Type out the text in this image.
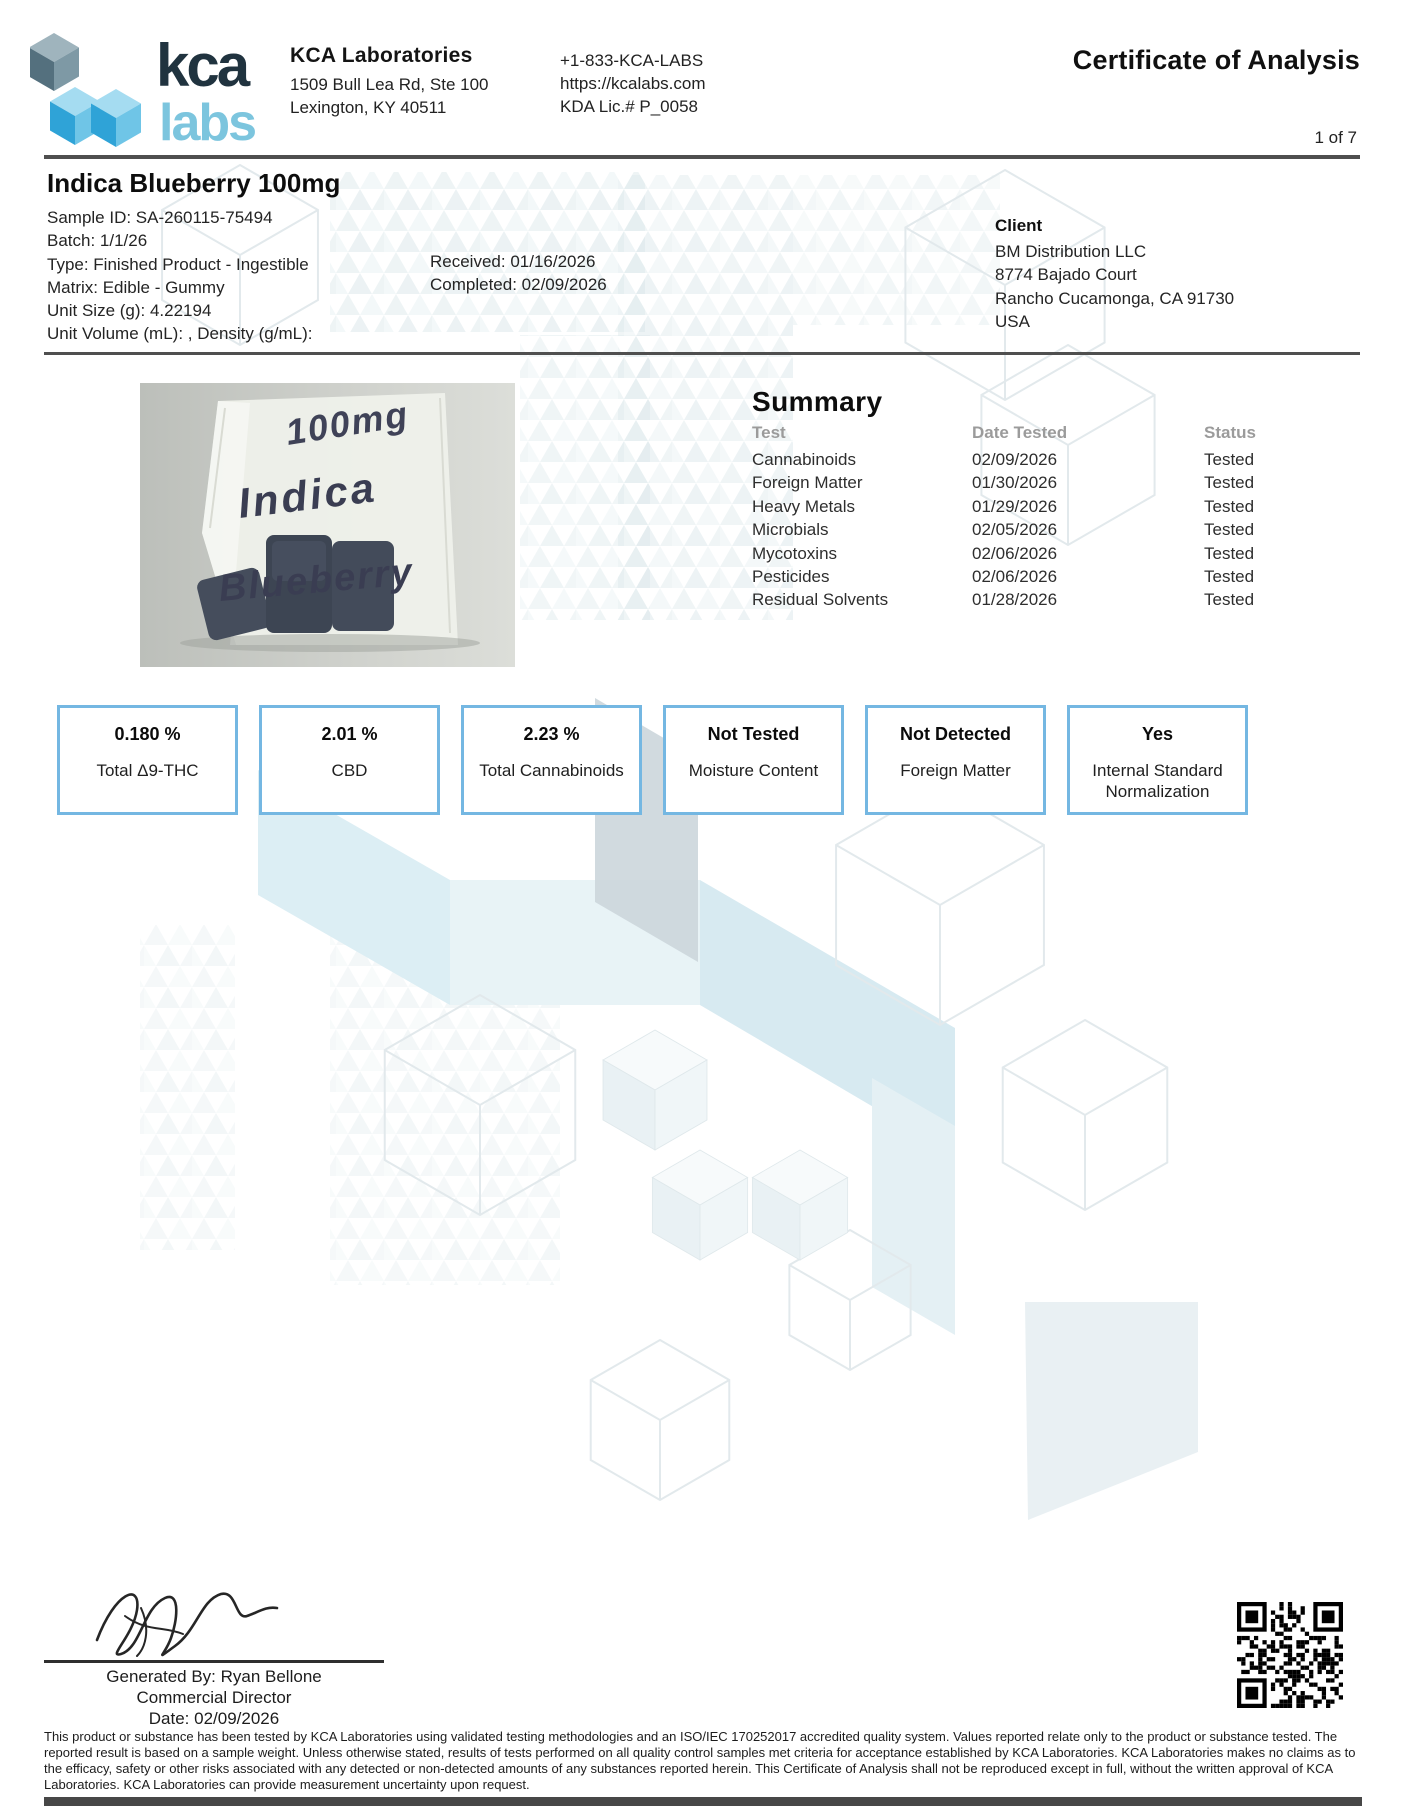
kca
labs
KCA Laboratories
1509 Bull Lea Rd, Ste 100
Lexington, KY 40511
+1-833-KCA-LABS
https://kcalabs.com
KDA Lic.# P_0058
Certificate of Analysis
1 of 7
Indica Blueberry 100mg
Sample ID: SA-260115-75494
Batch: 1/1/26
Type: Finished Product - Ingestible
Matrix: Edible - Gummy
Unit Size (g): 4.22194
Unit Volume (mL): , Density (g/mL):
Received: 01/16/2026
Completed: 02/09/2026
Client
BM Distribution LLC
8774 Bajado Court
Rancho Cucamonga, CA 91730
USA
100mg
Indica
Blueberry
Summary
Test	Date Tested	Status
Cannabinoids	02/09/2026	Tested
Foreign Matter	01/30/2026	Tested
Heavy Metals	01/29/2026	Tested
Microbials	02/05/2026	Tested
Mycotoxins	02/06/2026	Tested
Pesticides	02/06/2026	Tested
Residual Solvents	01/28/2026	Tested
0.180 %
Total Δ9-THC
2.01 %
CBD
2.23 %
Total Cannabinoids
Not Tested
Moisture Content
Not Detected
Foreign Matter
Yes
Internal Standard Normalization
Generated By: Ryan Bellone
Commercial Director
Date: 02/09/2026
This product or substance has been tested by KCA Laboratories using validated testing methodologies and an ISO/IEC 170252017 accredited quality system. Values reported relate only to the product or substance tested. The reported result is based on a sample weight. Unless otherwise stated, results of tests performed on all quality control samples met criteria for acceptance established by KCA Laboratories. KCA Laboratories makes no claims as to the efficacy, safety or other risks associated with any detected or non-detected amounts of any substances reported herein. This Certificate of Analysis shall not be reproduced except in full, without the written approval of KCA Laboratories. KCA Laboratories can provide measurement uncertainty upon request.
